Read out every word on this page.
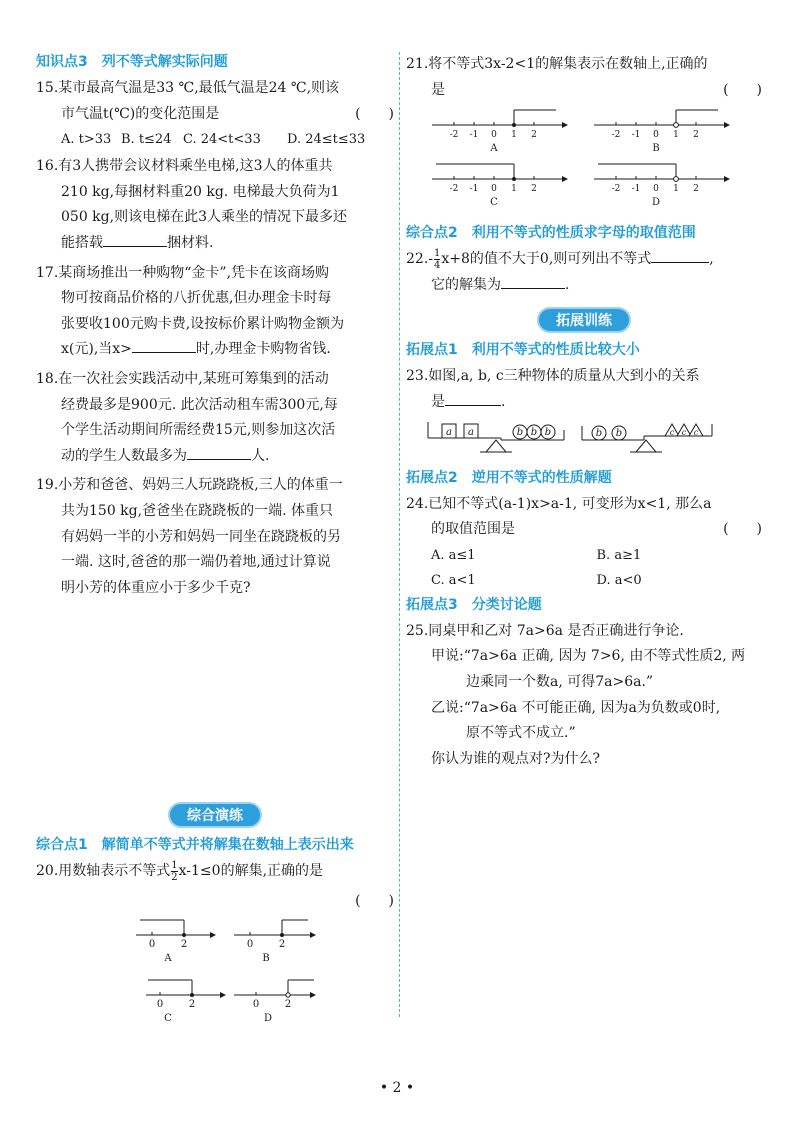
知识点3 列不等式解实际问题
15. 某市最高气温是33 ℃,最低气温是24 ℃,则该
市气温t(℃)的变化范围是	(　　)
A. t>33 B. t≤24 C. 24<t<33	D. 24≤t≤33
16. 有3人携带会议材料乘坐电梯,这3人的体重共
210 kg,每捆材料重20 kg. 电梯最大负荷为1
050 kg,则该电梯在此3人乘坐的情况下最多还
能搭载	捆材料.
17. 某商场推出一种购物“金卡”,凭卡在该商场购
物可按商品价格的八折优惠,但办理金卡时每
张要收100元购卡费,设按标价累计购物金额为
x(元),当x>	时,办理金卡购物省钱.
18. 在一次社会实践活动中,某班可筹集到的活动
经费最多是900元. 此次活动租车需300元,每
个学生活动期间所需经费15元,则参加这次活
动的学生人数最多为	人.
19. 小芳和爸爸、妈妈三人玩跷跷板,三人的体重一
共为150 kg,爸爸坐在跷跷板的一端. 体重只
有妈妈一半的小芳和妈妈一同坐在跷跷板的另
一端. 这时,爸爸的那一端仍着地,通过计算说
明小芳的体重应小于多少千克?
综合演练
综合点1 解简单不等式并将解集在数轴上表示出来
20. 用数轴表示不等式 $\frac{1}{2} x-1\le 0$的解集,正确的是
(　　)
0	2
A
0	2
B
0	2
C
0	2
D
21. 将不等式3x-2<1的解集表示在数轴上,正确的
是	(　　)
-2 -1 0 1 2
A
-2 -1 0 1 2
B
-2 -1 0 1 2
C
-2 -1 0 1 2
D
综合点2 利用不等式的性质求字母的取值范围
22. - $\frac{1}{4} x+8$的值不大于0,则可列出不等式	,
它的解集为	.
拓展训练
拓展点1 利用不等式的性质比较大小
23. 如图,a, b, c三种物体的质量从大到小的关系
是	.
a a	b b b	b b	c c c
拓展点2 逆用不等式的性质解题
24. 已知不等式(a-1)x>a-1, 可变形为x<1, 那么a
的取值范围是	(　　)
A. a≤1	B. a≥1
C. a<1	D. a<0
拓展点3 分类讨论题
25. 同桌甲和乙对 7a>6a 是否正确进行争论.
甲说:“7a>6a 正确, 因为 7>6, 由不等式性质2, 两
边乘同一个数a, 可得7a>6a.”
乙说:“7a>6a 不可能正确, 因为a为负数或0时,
原不等式不成立.”
你认为谁的观点对?为什么?
• 2 •
